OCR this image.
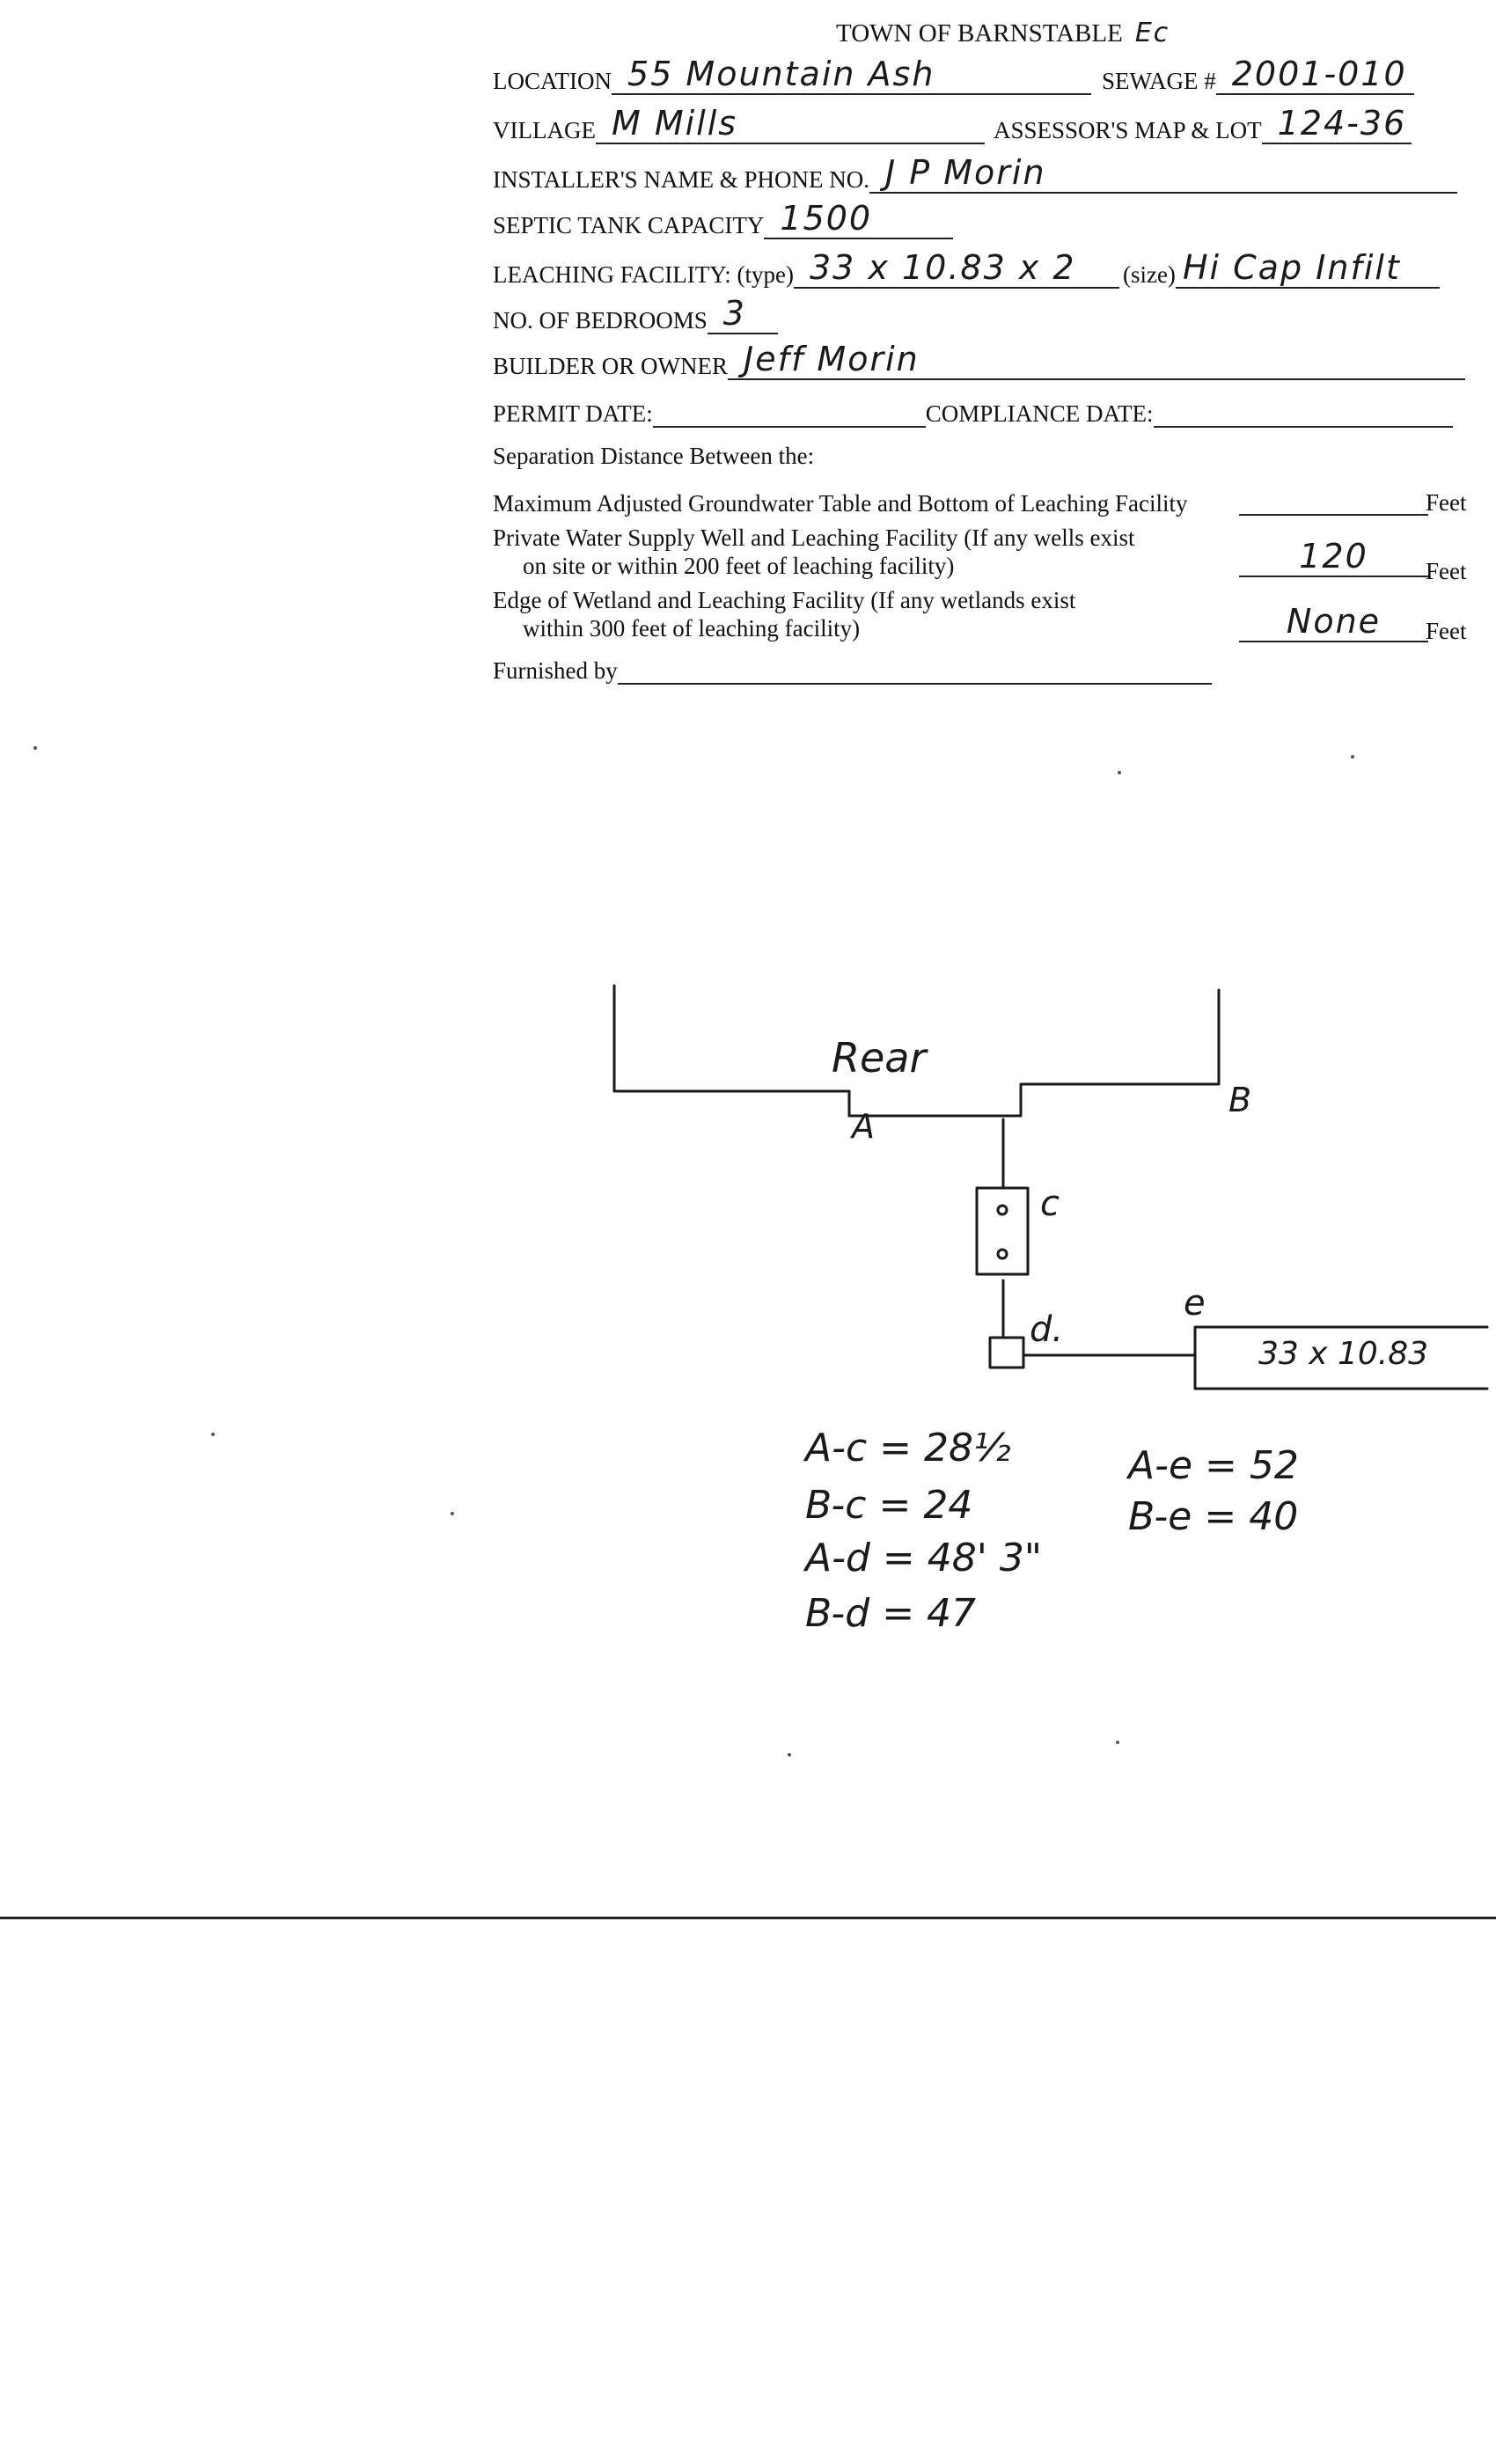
TOWN OF BARNSTABLE Ec
LOCATION 55 Mountain Ash	SEWAGE # 2001-010
VILLAGE M Mills	ASSESSOR'S MAP & LOT 124-36
INSTALLER'S NAME & PHONE NO. J P Morin
SEPTIC TANK CAPACITY 1500
LEACHING FACILITY: (type) 33 x 10.83 x 2 (size) Hi Cap Infilt
NO. OF BEDROOMS 3
BUILDER OR OWNER Jeff Morin
PERMIT DATE:	COMPLIANCE DATE:
Separation Distance Between the:
Maximum Adjusted Groundwater Table and Bottom of Leaching Facility	Feet
Private Water Supply Well and Leaching Facility (If any wells exist
on site or within 200 feet of leaching facility)	120 Feet
Edge of Wetland and Leaching Facility (If any wetlands exist
within 300 feet of leaching facility)	None Feet
Furnished by
Rear
A
B
c
d.
e
33 x 10.83
A-c = 28½
B-c = 24
A-d = 48' 3"
B-d = 47
A-e = 52
B-e = 40
